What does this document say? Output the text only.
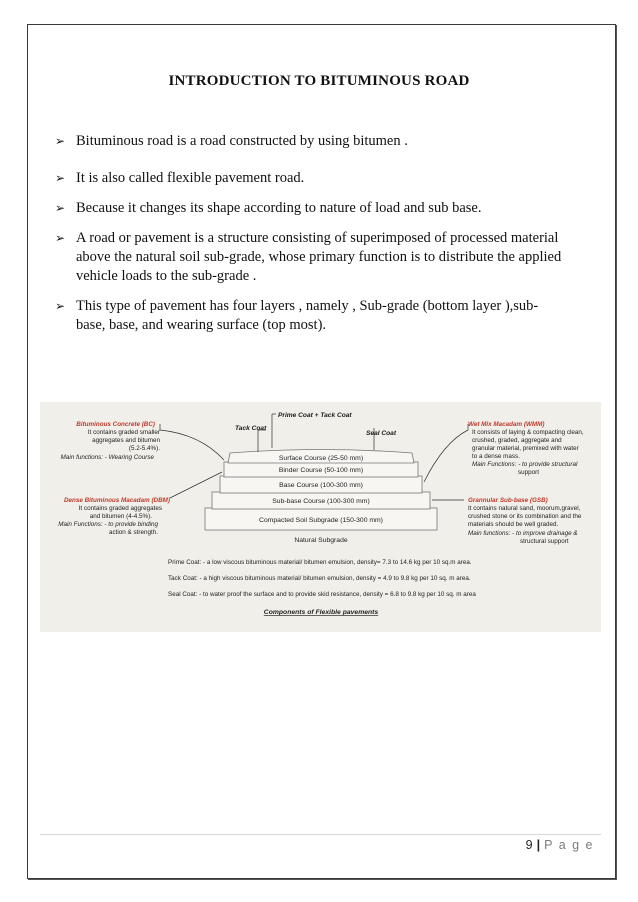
INTRODUCTION TO BITUMINOUS ROAD

➢ Bituminous road is a road constructed by using bitumen .

➢ It is also called flexible pavement road.

➢ Because it changes its shape according to nature of load and sub base.

➢ A road or pavement is a structure consisting of superimposed of processed material
above the natural soil sub-grade, whose primary function is to distribute the applied
vehicle loads to the sub-grade .

➢ This type of pavement has four layers , namely , Sub-grade (bottom layer ),sub-
base, base, and wearing surface (top most).

Surface Course (25-50 mm)
Binder Course (50-100 mm)
Base Course (100-300 mm)
Sub-base Course (100-300 mm)
Compacted Soil Subgrade (150-300 mm)
Natural Subgrade
Prime Coat + Tack Coat
Tack Coat
Seal Coat
Bituminous Concrete (BC)
It contains graded smaller
aggregates and bitumen
(5.2-5.4%).
Main functions: - Wearing Course
Dense Bituminous Macadam (DBM)
It contains graded aggregates
and bitumen (4-4.5%).
Main Functions: - to provide binding
action & strength.
Wet Mix Macadam (WMM)
It consists of laying & compacting clean,
crushed, graded, aggregate and
granular material, premixed with water
to a dense mass.
Main Functions: - to provide structural
support
Grannular Sub-base (GSB)
It contains natural sand, moorum,gravel,
crushed stone or its combination and the
materials should be well graded.
Main functions: - to improve drainage &
structural support
Prime Coat: - a low viscous bituminous material/ bitumen emulsion, density= 7.3 to 14.6 kg per 10 sq.m area.
Tack Coat: - a high viscous bituminous material/ bitumen emulsion, density = 4.9 to 9.8 kg per 10 sq. m area.
Seal Coat: - to water proof the surface and to provide skid resistance, density = 6.8 to 9.8 kg per 10 sq. m area
Components of Flexible pavements
9 | P a g e
